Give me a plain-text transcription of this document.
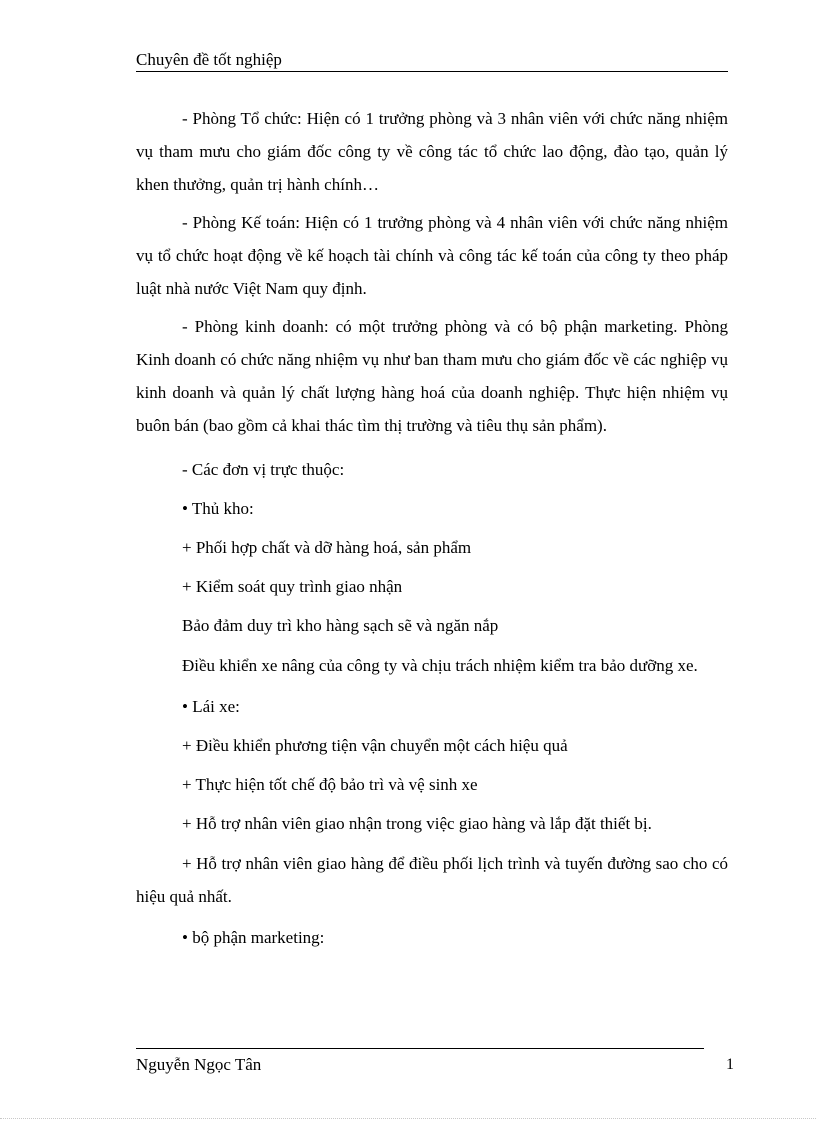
Chuyên đề tốt nghiệp

- Phòng Tổ chức: Hiện có 1 trưởng phòng và 3 nhân viên với chức năng nhiệm vụ tham mưu cho giám đốc công ty về công tác tổ chức lao động, đào tạo, quản lý khen thưởng, quản trị hành chính…

- Phòng Kế toán: Hiện có 1 trưởng phòng và 4 nhân viên với chức năng nhiệm vụ tổ chức hoạt động về kế hoạch tài chính và công tác kế toán của công ty theo pháp luật nhà nước Việt Nam quy định.

- Phòng kinh doanh: có một trưởng phòng và có bộ phận marketing. Phòng Kinh doanh có chức năng nhiệm vụ như ban tham mưu cho giám đốc về các nghiệp vụ kinh doanh và quản lý chất lượng hàng hoá của doanh nghiệp. Thực hiện nhiệm vụ buôn bán (bao gồm cả khai thác tìm thị trường và tiêu thụ sản phẩm).

- Các đơn vị trực thuộc:

• Thủ kho:

+ Phối hợp chất và dỡ hàng hoá, sản phẩm

+ Kiểm soát quy trình giao nhận

Bảo đảm duy trì kho hàng sạch sẽ và ngăn nắp

Điều khiển xe nâng của công ty và chịu trách nhiệm kiểm tra bảo dưỡng xe.

• Lái xe:

+ Điều khiển phương tiện vận chuyển một cách hiệu quả

+ Thực hiện tốt chế độ bảo trì và vệ sinh xe

+ Hỗ trợ nhân viên giao nhận trong việc giao hàng và lắp đặt thiết bị.

+ Hỗ trợ nhân viên giao hàng để điều phối lịch trình và tuyến đường sao cho có hiệu quả nhất.

• bộ phận marketing:

Nguyễn Ngọc Tân	1
